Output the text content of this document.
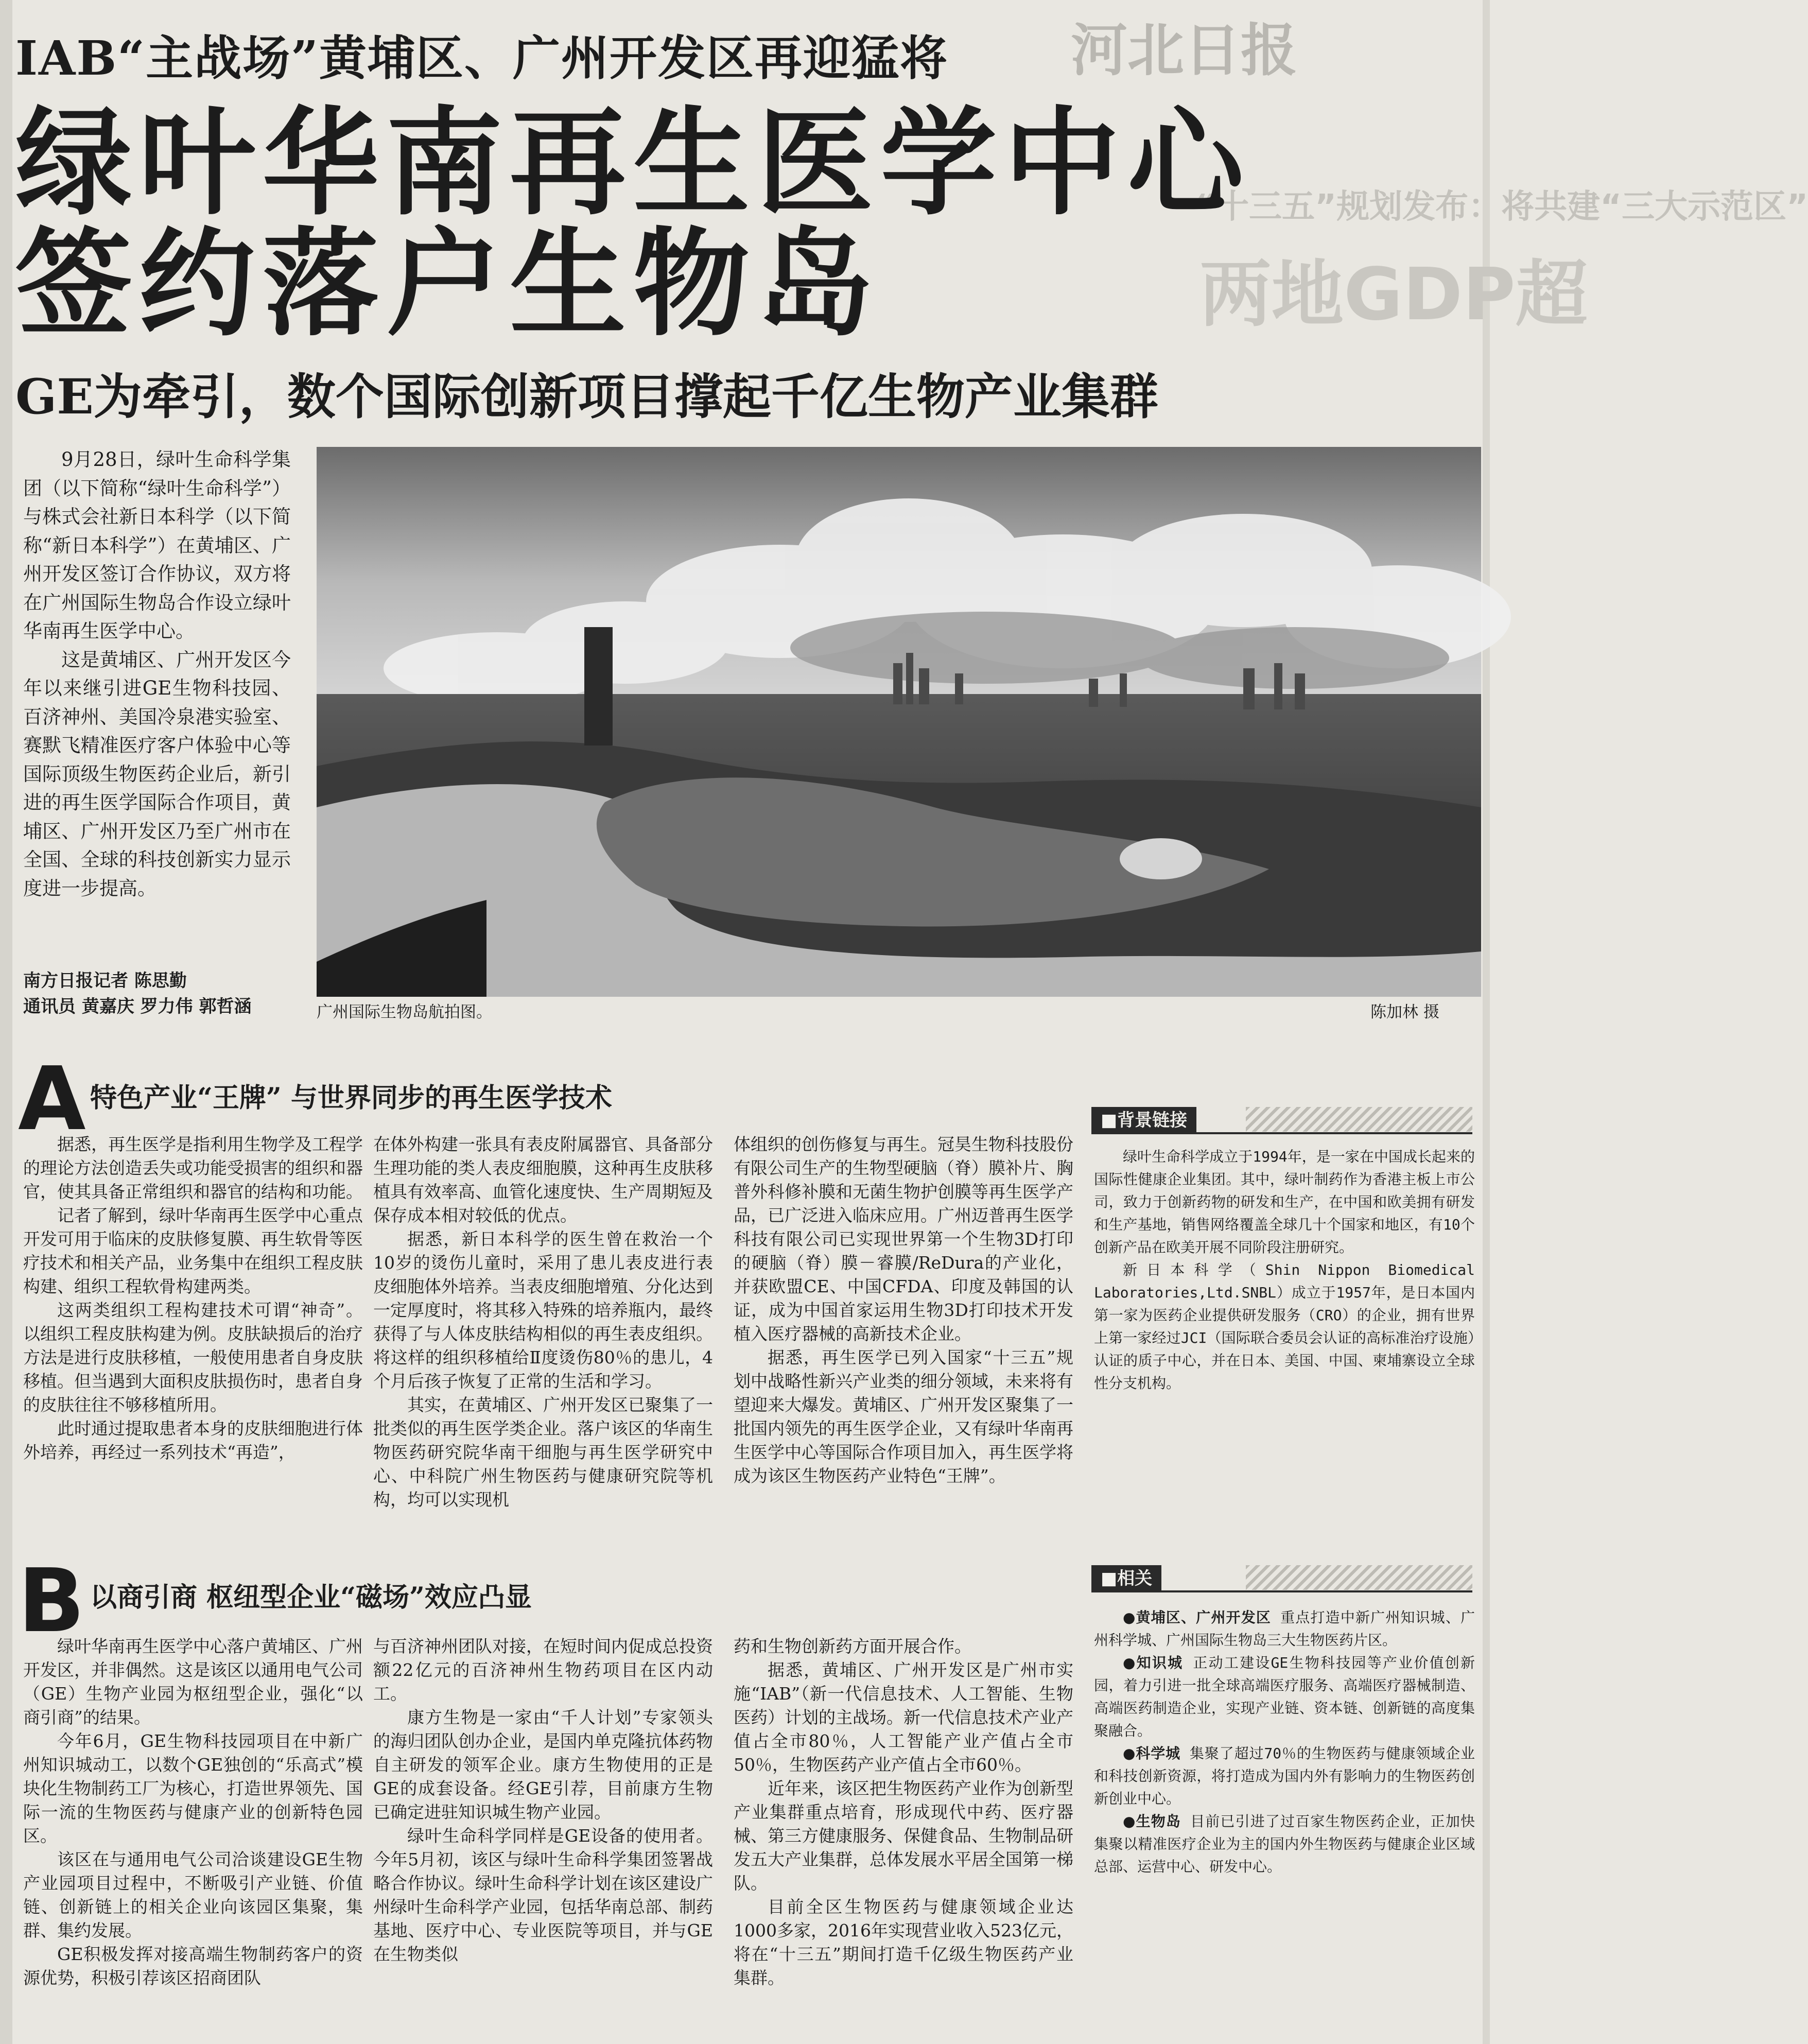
河北日报
“十三五”规划发布：将共建“三大示范区”
两地GDP超
IAB“主战场”黄埔区、广州开发区再迎猛将
绿叶华南再生医学中心
签约落户生物岛
GE为牵引，数个国际创新项目撑起千亿生物产业集群

9月28日，绿叶生命科学集团（以下简称“绿叶生命科学”）与株式会社新日本科学（以下简称“新日本科学”）在黄埔区、广州开发区签订合作协议，双方将在广州国际生物岛合作设立绿叶华南再生医学中心。

这是黄埔区、广州开发区今年以来继引进GE生物科技园、百济神州、美国冷泉港实验室、赛默飞精准医疗客户体验中心等国际顶级生物医药企业后，新引进的再生医学国际合作项目，黄埔区、广州开发区乃至广州市在全国、全球的科技创新实力显示度进一步提高。

南方日报记者 陈思勤
通讯员 黄嘉庆 罗力伟 郭哲涵	广州国际生物岛航拍图。	陈加林 摄
A 特色产业“王牌” 与世界同步的再生医学技术

据悉，再生医学是指利用生物学及工程学的理论方法创造丢失或功能受损害的组织和器官，使其具备正常组织和器官的结构和功能。

记者了解到，绿叶华南再生医学中心重点开发可用于临床的皮肤修复膜、再生软骨等医疗技术和相关产品，业务集中在组织工程皮肤构建、组织工程软骨构建两类。

这两类组织工程构建技术可谓“神奇”。以组织工程皮肤构建为例。皮肤缺损后的治疗方法是进行皮肤移植，一般使用患者自身皮肤移植。但当遇到大面积皮肤损伤时，患者自身的皮肤往往不够移植所用。

此时通过提取患者本身的皮肤细胞进行体外培养，再经过一系列技术“再造”，

在体外构建一张具有表皮附属器官、具备部分生理功能的类人表皮细胞膜，这种再生皮肤移植具有效率高、血管化速度快、生产周期短及保存成本相对较低的优点。

据悉，新日本科学的医生曾在救治一个10岁的烫伤儿童时，采用了患儿表皮进行表皮细胞体外培养。当表皮细胞增殖、分化达到一定厚度时，将其移入特殊的培养瓶内，最终获得了与人体皮肤结构相似的再生表皮组织。将这样的组织移植给Ⅱ度烫伤80％的患儿，4个月后孩子恢复了正常的生活和学习。

其实，在黄埔区、广州开发区已聚集了一批类似的再生医学类企业。落户该区的华南生物医药研究院华南干细胞与再生医学研究中心、中科院广州生物医药与健康研究院等机构，均可以实现机

体组织的创伤修复与再生。冠昊生物科技股份有限公司生产的生物型硬脑（脊）膜补片、胸普外科修补膜和无菌生物护创膜等再生医学产品，已广泛进入临床应用。广州迈普再生医学科技有限公司已实现世界第一个生物3D打印的硬脑（脊）膜－睿膜/ReDura的产业化，并获欧盟CE、中国CFDA、印度及韩国的认证，成为中国首家运用生物3D打印技术开发植入医疗器械的高新技术企业。

据悉，再生医学已列入国家“十三五”规划中战略性新兴产业类的细分领域，未来将有望迎来大爆发。黄埔区、广州开发区聚集了一批国内领先的再生医学企业，又有绿叶华南再生医学中心等国际合作项目加入，再生医学将成为该区生物医药产业特色“王牌”。

B 以商引商 枢纽型企业“磁场”效应凸显

绿叶华南再生医学中心落户黄埔区、广州开发区，并非偶然。这是该区以通用电气公司（GE）生物产业园为枢纽型企业，强化“以商引商”的结果。

今年6月，GE生物科技园项目在中新广州知识城动工，以数个GE独创的“乐高式”模块化生物制药工厂为核心，打造世界领先、国际一流的生物医药与健康产业的创新特色园区。

该区在与通用电气公司洽谈建设GE生物产业园项目过程中，不断吸引产业链、价值链、创新链上的相关企业向该园区集聚，集群、集约发展。

GE积极发挥对接高端生物制药客户的资源优势，积极引荐该区招商团队

与百济神州团队对接，在短时间内促成总投资额22亿元的百济神州生物药项目在区内动工。

康方生物是一家由“千人计划”专家领头的海归团队创办企业，是国内单克隆抗体药物自主研发的领军企业。康方生物使用的正是GE的成套设备。经GE引荐，目前康方生物已确定进驻知识城生物产业园。

绿叶生命科学同样是GE设备的使用者。今年5月初，该区与绿叶生命科学集团签署战略合作协议。绿叶生命科学计划在该区建设广州绿叶生命科学产业园，包括华南总部、制药基地、医疗中心、专业医院等项目，并与GE在生物类似

药和生物创新药方面开展合作。

据悉，黄埔区、广州开发区是广州市实施“IAB”（新一代信息技术、人工智能、生物医药）计划的主战场。新一代信息技术产业产值占全市80％，人工智能产业产值占全市50％，生物医药产业产值占全市60％。

近年来，该区把生物医药产业作为创新型产业集群重点培育，形成现代中药、医疗器械、第三方健康服务、保健食品、生物制品研发五大产业集群，总体发展水平居全国第一梯队。

目前全区生物医药与健康领域企业达1000多家，2016年实现营业收入523亿元，将在“十三五”期间打造千亿级生物医药产业集群。

■背景链接

绿叶生命科学成立于1994年，是一家在中国成长起来的国际性健康企业集团。其中，绿叶制药作为香港主板上市公司，致力于创新药物的研发和生产，在中国和欧美拥有研发和生产基地，销售网络覆盖全球几十个国家和地区，有10个创新产品在欧美开展不同阶段注册研究。

新日本科学（Shin Nippon Biomedical Laboratories,Ltd.SNBL）成立于1957年，是日本国内第一家为医药企业提供研发服务（CRO）的企业，拥有世界上第一家经过JCI（国际联合委员会认证的高标准治疗设施）认证的质子中心，并在日本、美国、中国、柬埔寨设立全球性分支机构。

■相关

●黄埔区、广州开发区 重点打造中新广州知识城、广州科学城、广州国际生物岛三大生物医药片区。

●知识城 正动工建设GE生物科技园等产业价值创新园，着力引进一批全球高端医疗服务、高端医疗器械制造、高端医药制造企业，实现产业链、资本链、创新链的高度集聚融合。

●科学城 集聚了超过70％的生物医药与健康领域企业和科技创新资源，将打造成为国内外有影响力的生物医药创新创业中心。

●生物岛 目前已引进了过百家生物医药企业，正加快集聚以精准医疗企业为主的国内外生物医药与健康企业区域总部、运营中心、研发中心。
